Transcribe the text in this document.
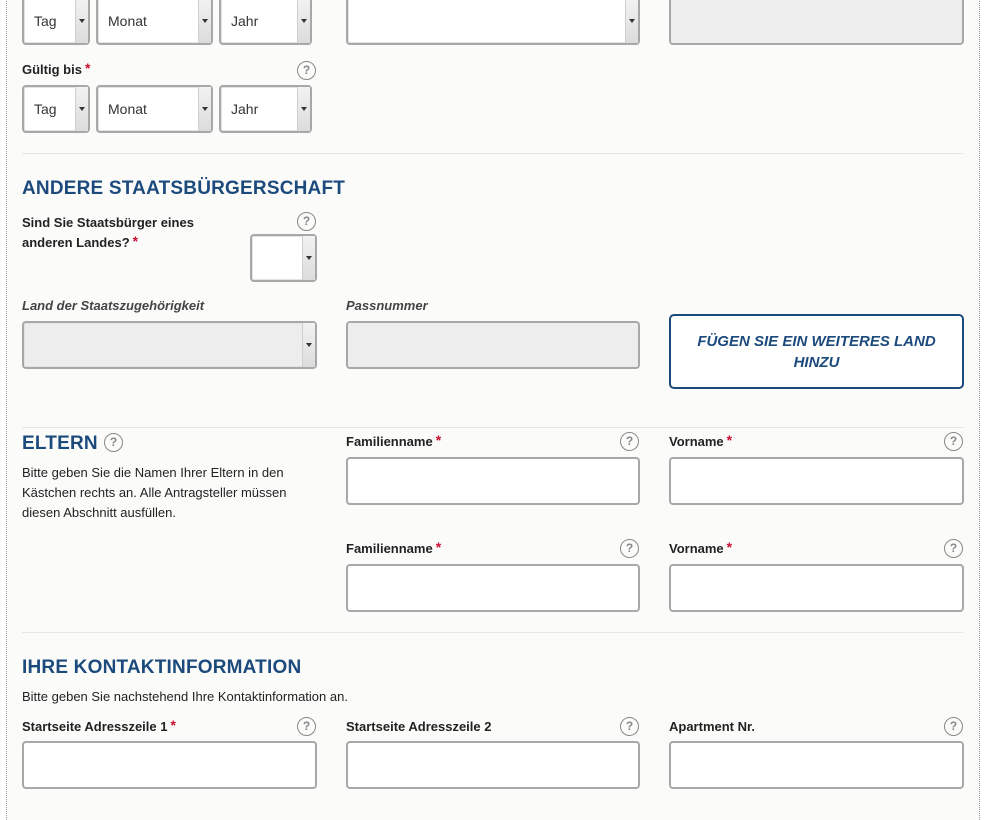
Tag	Monat	Jahr
Gültig bis *	?
Tag	Monat	Jahr
ANDERE STAATSBÜRGERSCHAFT
Sind Sie Staatsbürger eines
anderen Landes? *
?
Land der Staatszugehörigkeit	Passnummer
FÜGEN SIE EIN WEITERES LAND
HINZU
ELTERN	?
Bitte geben Sie die Namen Ihrer Eltern in den
Kästchen rechts an. Alle Antragsteller müssen
diesen Abschnitt ausfüllen.
Familienname *	?	Vorname *	?
Familienname *	?	Vorname *	?
IHRE KONTAKTINFORMATION
Bitte geben Sie nachstehend Ihre Kontaktinformation an.
Startseite Adresszeile 1 *	?	Startseite Adresszeile 2	?	Apartment Nr.	?
